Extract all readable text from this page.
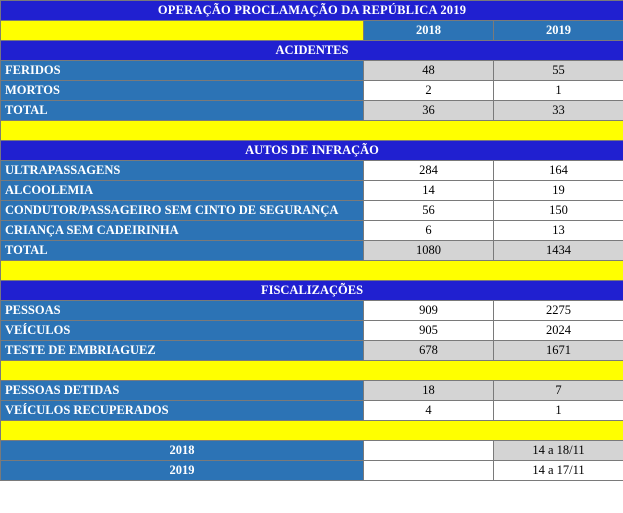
OPERAÇÃO PROCLAMAÇÃO DA REPÚBLICA 2019		
	2018	2019
ACIDENTES		
FERIDOS	48	55
MORTOS	2	1
TOTAL	36	33

AUTOS DE INFRAÇÃO		
ULTRAPASSAGENS	284	164
ALCOOLEMIA	14	19
CONDUTOR/PASSAGEIRO SEM CINTO DE SEGURANÇA	56	150
CRIANÇA SEM CADEIRINHA	6	13
TOTAL	1080	1434

FISCALIZAÇÕES		
PESSOAS	909	2275
VEÍCULOS	905	2024
TESTE DE EMBRIAGUEZ	678	1671

PESSOAS DETIDAS	18	7
VEÍCULOS RECUPERADOS	4	1

2018		14 a 18/11
2019		14 a 17/11
